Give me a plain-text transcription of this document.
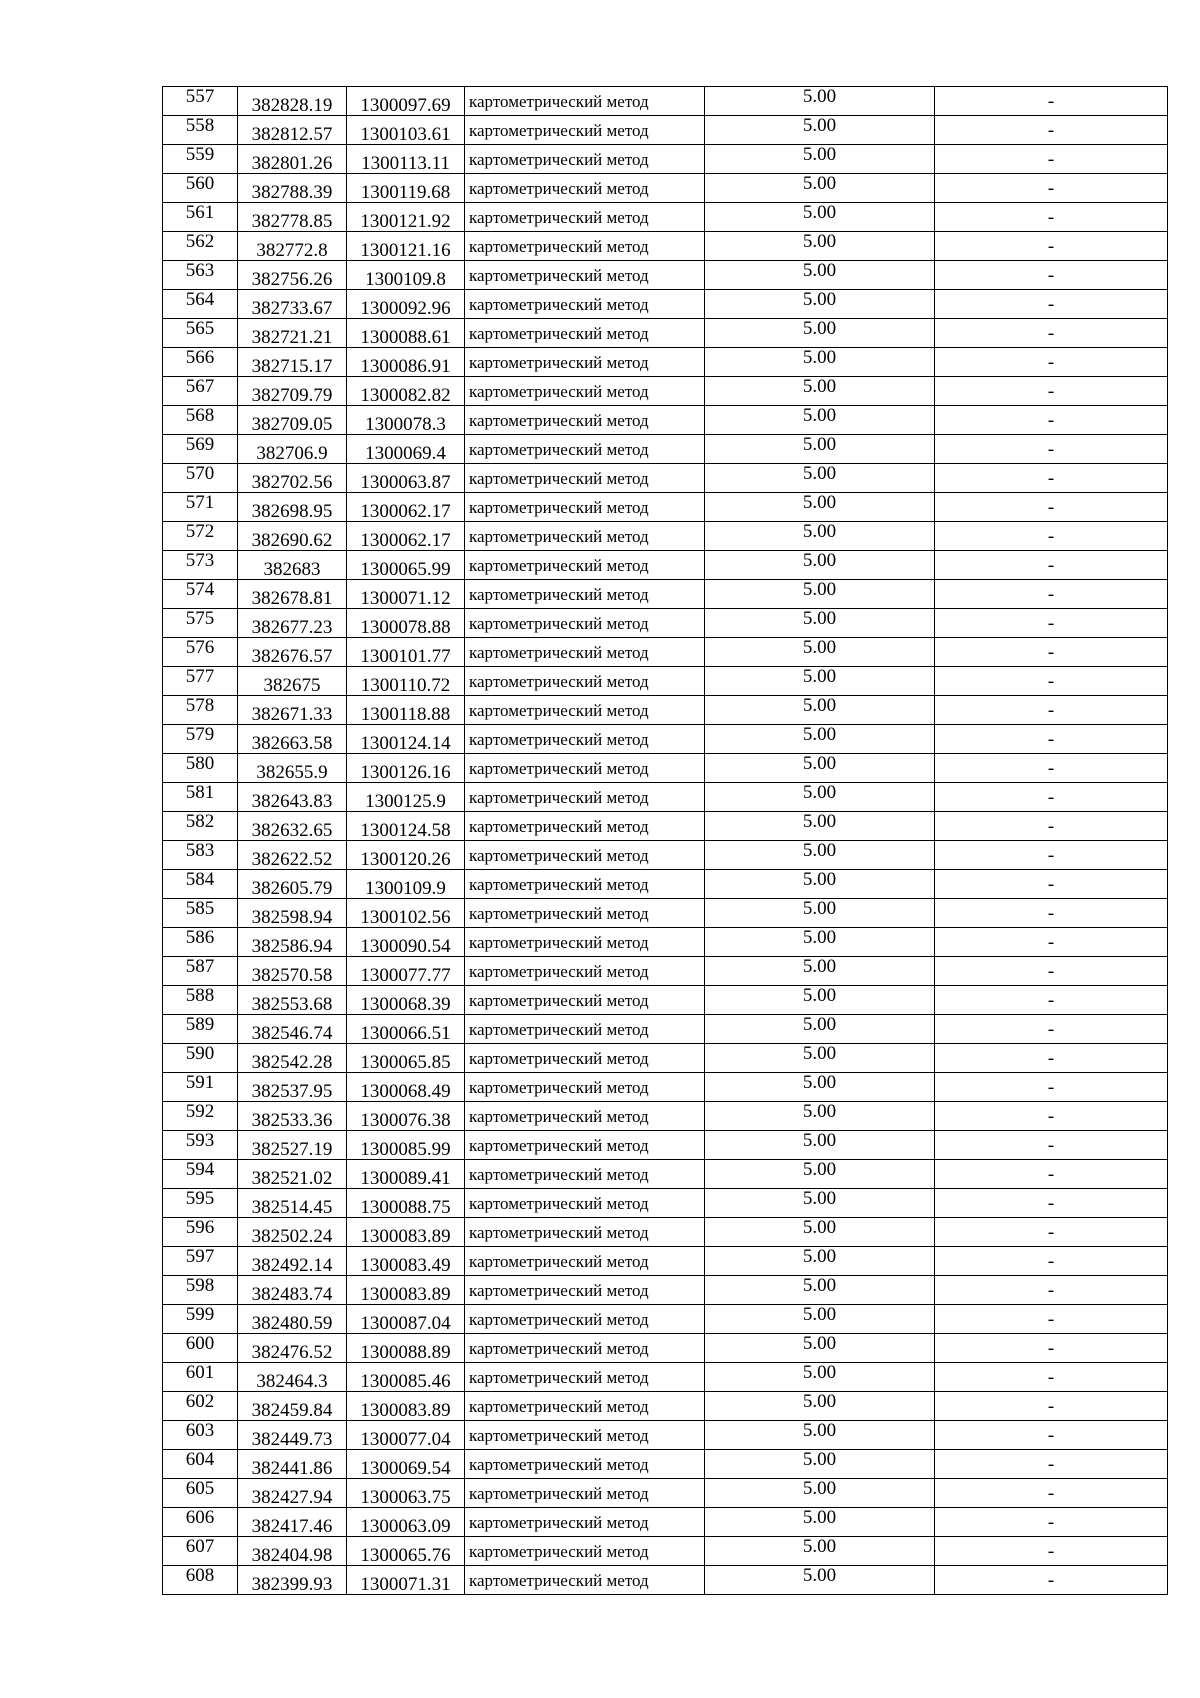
557	382828.19	1300097.69	картометрический метод	5.00	-
558	382812.57	1300103.61	картометрический метод	5.00	-
559	382801.26	1300113.11	картометрический метод	5.00	-
560	382788.39	1300119.68	картометрический метод	5.00	-
561	382778.85	1300121.92	картометрический метод	5.00	-
562	382772.8	1300121.16	картометрический метод	5.00	-
563	382756.26	1300109.8	картометрический метод	5.00	-
564	382733.67	1300092.96	картометрический метод	5.00	-
565	382721.21	1300088.61	картометрический метод	5.00	-
566	382715.17	1300086.91	картометрический метод	5.00	-
567	382709.79	1300082.82	картометрический метод	5.00	-
568	382709.05	1300078.3	картометрический метод	5.00	-
569	382706.9	1300069.4	картометрический метод	5.00	-
570	382702.56	1300063.87	картометрический метод	5.00	-
571	382698.95	1300062.17	картометрический метод	5.00	-
572	382690.62	1300062.17	картометрический метод	5.00	-
573	382683	1300065.99	картометрический метод	5.00	-
574	382678.81	1300071.12	картометрический метод	5.00	-
575	382677.23	1300078.88	картометрический метод	5.00	-
576	382676.57	1300101.77	картометрический метод	5.00	-
577	382675	1300110.72	картометрический метод	5.00	-
578	382671.33	1300118.88	картометрический метод	5.00	-
579	382663.58	1300124.14	картометрический метод	5.00	-
580	382655.9	1300126.16	картометрический метод	5.00	-
581	382643.83	1300125.9	картометрический метод	5.00	-
582	382632.65	1300124.58	картометрический метод	5.00	-
583	382622.52	1300120.26	картометрический метод	5.00	-
584	382605.79	1300109.9	картометрический метод	5.00	-
585	382598.94	1300102.56	картометрический метод	5.00	-
586	382586.94	1300090.54	картометрический метод	5.00	-
587	382570.58	1300077.77	картометрический метод	5.00	-
588	382553.68	1300068.39	картометрический метод	5.00	-
589	382546.74	1300066.51	картометрический метод	5.00	-
590	382542.28	1300065.85	картометрический метод	5.00	-
591	382537.95	1300068.49	картометрический метод	5.00	-
592	382533.36	1300076.38	картометрический метод	5.00	-
593	382527.19	1300085.99	картометрический метод	5.00	-
594	382521.02	1300089.41	картометрический метод	5.00	-
595	382514.45	1300088.75	картометрический метод	5.00	-
596	382502.24	1300083.89	картометрический метод	5.00	-
597	382492.14	1300083.49	картометрический метод	5.00	-
598	382483.74	1300083.89	картометрический метод	5.00	-
599	382480.59	1300087.04	картометрический метод	5.00	-
600	382476.52	1300088.89	картометрический метод	5.00	-
601	382464.3	1300085.46	картометрический метод	5.00	-
602	382459.84	1300083.89	картометрический метод	5.00	-
603	382449.73	1300077.04	картометрический метод	5.00	-
604	382441.86	1300069.54	картометрический метод	5.00	-
605	382427.94	1300063.75	картометрический метод	5.00	-
606	382417.46	1300063.09	картометрический метод	5.00	-
607	382404.98	1300065.76	картометрический метод	5.00	-
608	382399.93	1300071.31	картометрический метод	5.00	-
